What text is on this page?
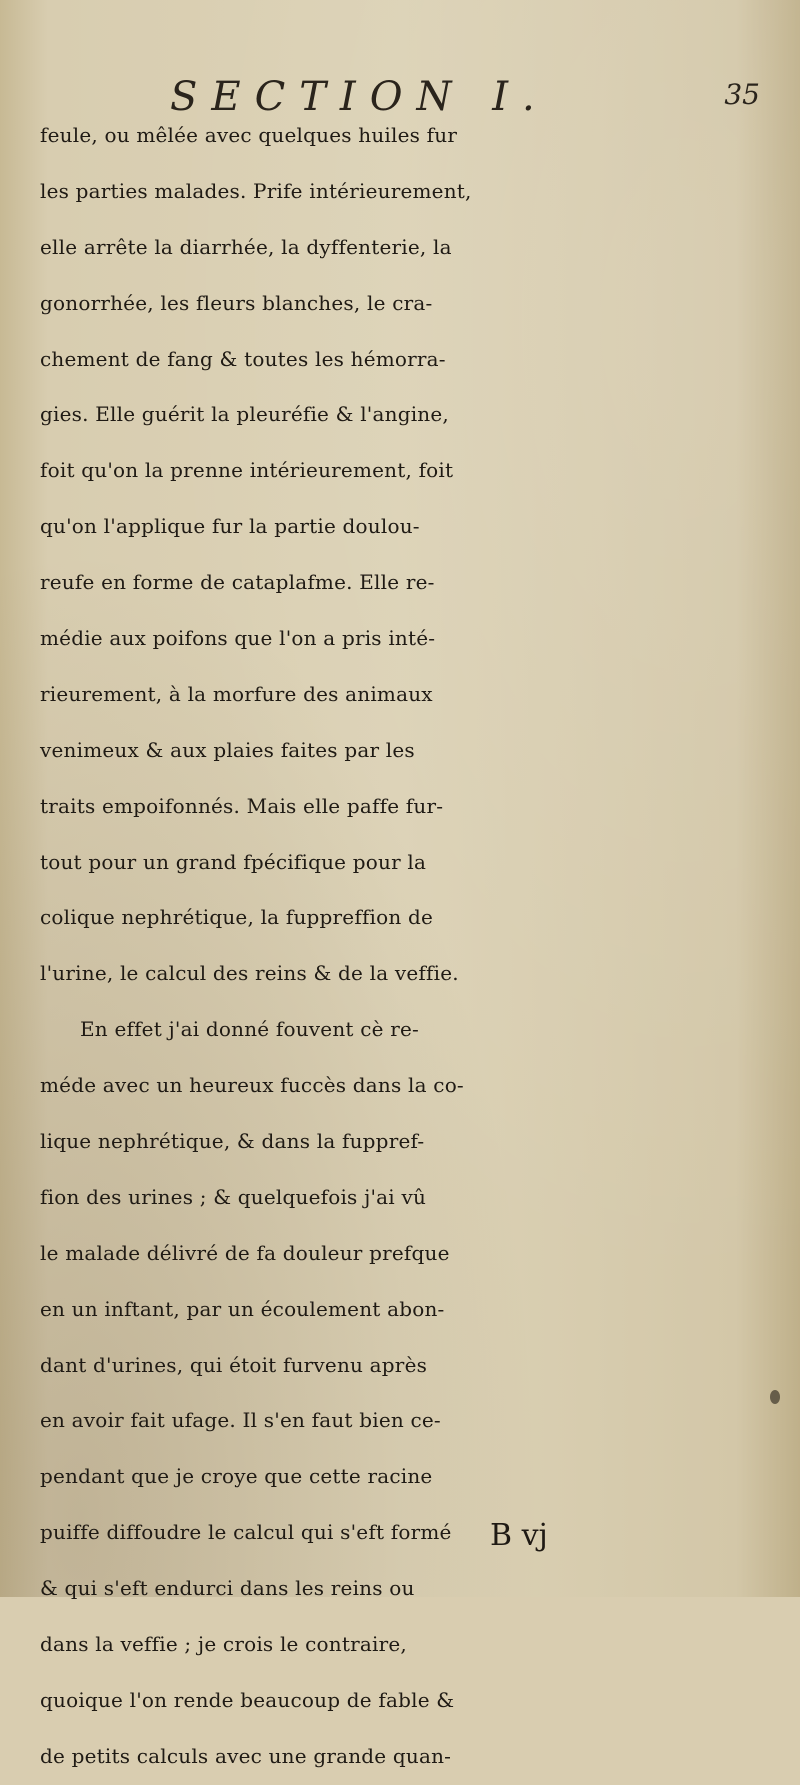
SECTION I.	35
feule, ou mêlée avec quelques huiles fur
les parties malades. Prife intérieurement,
elle arrête la diarrhée, la dyffenterie, la
gonorrhée, les fleurs blanches, le cra-
chement de fang & toutes les hémorra-
gies. Elle guérit la pleuréfie & l'angine,
foit qu'on la prenne intérieurement, foit
qu'on l'applique fur la partie doulou-
reufe en forme de cataplafme. Elle re-
médie aux poifons que l'on a pris inté-
rieurement, à la morfure des animaux
venimeux & aux plaies faites par les
traits empoifonnés. Mais elle paffe fur-
tout pour un grand fpécifique pour la
colique nephrétique, la fuppreffion de
l'urine, le calcul des reins & de la veffie.
En effet j'ai donné fouvent cè re-
méde avec un heureux fuccès dans la co-
lique nephrétique, & dans la fuppref-
fion des urines ; & quelquefois j'ai vû
le malade délivré de fa douleur prefque
en un inftant, par un écoulement abon-
dant d'urines, qui étoit furvenu après
en avoir fait ufage. Il s'en faut bien ce-
pendant que je croye que cette racine
puiffe diffoudre le calcul qui s'eft formé
& qui s'eft endurci dans les reins ou
dans la veffie ; je crois le contraire,
quoique l'on rende beaucoup de fable &
de petits calculs avec une grande quan-
B vj
